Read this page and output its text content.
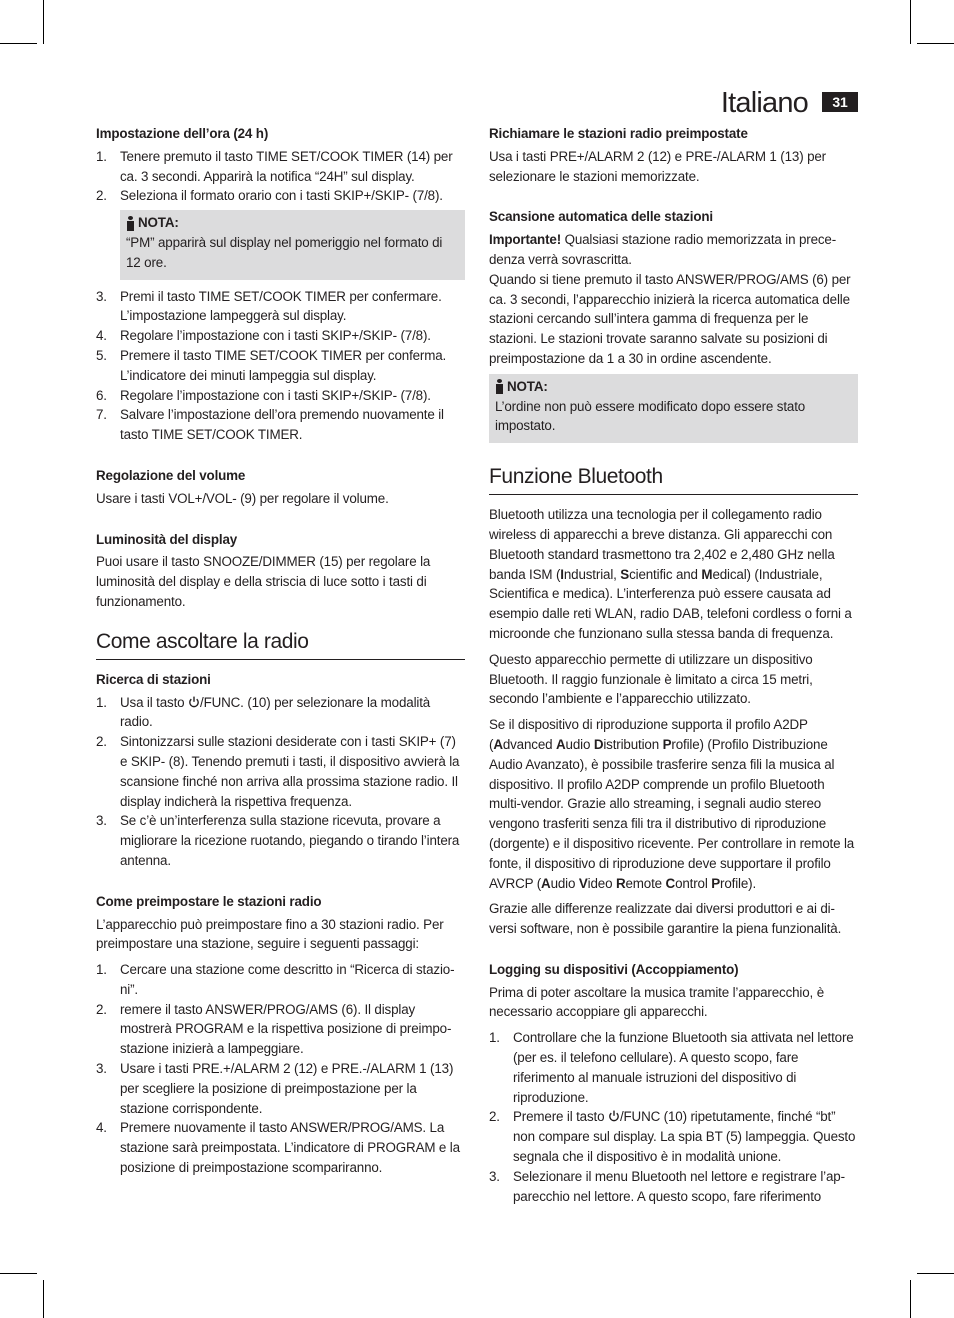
Italiano	31
Impostazione dell’ora (24 h)
1. Tenere premuto il tasto TIME SET/COOK TIMER (14) per ca. 3 secondi. Apparirà la notifica “24H” sul display.
2. Seleziona il formato orario con i tasti SKIP+/SKIP- (7/8).
NOTA:
“PM” apparirà sul display nel pomeriggio nel formato di 12 ore.
3. Premi il tasto TIME SET/COOK TIMER per confermare. L’impostazione lampeggerà sul display.
4. Regolare l’impostazione con i tasti SKIP+/SKIP- (7/8).
5. Premere il tasto TIME SET/COOK TIMER per conferma. L’indicatore dei minuti lampeggia sul display.
6. Regolare l’impostazione con i tasti SKIP+/SKIP- (7/8).
7. Salvare l’impostazione dell’ora premendo nuovamente il tasto TIME SET/COOK TIMER.
Regolazione del volume
Usare i tasti VOL+/VOL- (9) per regolare il volume.
Luminosità del display
Puoi usare il tasto SNOOZE/DIMMER (15) per regolare la luminosità del display e della striscia di luce sotto i tasti di funzionamento.
Come ascoltare la radio
Ricerca di stazioni
1. Usa il tasto /FUNC. (10) per selezionare la modalità radio.
2. Sintonizzarsi sulle stazioni desiderate con i tasti SKIP+ (7) e SKIP- (8). Tenendo premuti i tasti, il dispositivo avvierà la scansione finché non arriva alla prossima stazione radio. Il display indicherà la rispettiva frequenza.
3. Se c’è un’interferenza sulla stazione ricevuta, provare a migliorare la ricezione ruotando, piegando o tirando l’intera antenna.
Come preimpostare le stazioni radio
L’apparecchio può preimpostare fino a 30 stazioni radio. Per preimpostare una stazione, seguire i seguenti passaggi:
1. Cercare una stazione come descritto in “Ricerca di stazio-ni”.
2. remere il tasto ANSWER/PROG/AMS (6). Il display mostrerà PROGRAM e la rispettiva posizione di preimpo-stazione inizierà a lampeggiare.
3. Usare i tasti PRE.+/ALARM 2 (12) e PRE.-/ALARM 1 (13) per scegliere la posizione di preimpostazione per la stazione corrispondente.
4. Premere nuovamente il tasto ANSWER/PROG/AMS. La stazione sarà preimpostata. L’indicatore di PROGRAM e la posizione di preimpostazione scompariranno.
Richiamare le stazioni radio preimpostate
Usa i tasti PRE+/ALARM 2 (12) e PRE-/ALARM 1 (13) per selezionare le stazioni memorizzate.
Scansione automatica delle stazioni
Importante! Qualsiasi stazione radio memorizzata in prece-denza verrà sovrascritta.
Quando si tiene premuto il tasto ANSWER/PROG/AMS (6) per ca. 3 secondi, l’apparecchio inizierà la ricerca automatica delle stazioni cercando sull’intera gamma di frequenza per le stazioni. Le stazioni trovate saranno salvate su posizioni di preimpostazione da 1 a 30 in ordine ascendente.
NOTA:
L’ordine non può essere modificato dopo essere stato impostato.
Funzione Bluetooth
Bluetooth utilizza una tecnologia per il collegamento radio wireless di apparecchi a breve distanza. Gli apparecchi con Bluetooth standard trasmettono tra 2,402 e 2,480 GHz nella banda ISM (Industrial, Scientific and Medical) (Industriale, Scientifica e medica). L’interferenza può essere causata ad esempio dalle reti WLAN, radio DAB, telefoni cordless o forni a microonde che funzionano sulla stessa banda di frequenza.
Questo apparecchio permette di utilizzare un dispositivo Bluetooth. Il raggio funzionale è limitato a circa 15 metri, secondo l’ambiente e l’apparecchio utilizzato.
Se il dispositivo di riproduzione supporta il profilo A2DP (Advanced Audio Distribution Profile) (Profilo Distribuzione Audio Avanzato), è possibile trasferire senza fili la musica al dispositivo. Il profilo A2DP comprende un profilo Bluetooth multi-vendor. Grazie allo streaming, i segnali audio stereo vengono trasferiti senza fili tra il distributivo di riproduzione (dorgente) e il dispositivo ricevente. Per controllare in remote la fonte, il dispositivo di riproduzione deve supportare il profilo AVRCP (Audio Video Remote Control Profile).
Grazie alle differenze realizzate dai diversi produttori e ai di-versi software, non è possibile garantire la piena funzionalità.
Logging su dispositivi (Accoppiamento)
Prima di poter ascoltare la musica tramite l’apparecchio, è necessario accoppiare gli apparecchi.
1. Controllare che la funzione Bluetooth sia attivata nel lettore (per es. il telefono cellulare). A questo scopo, fare riferimento al manuale istruzioni del dispositivo di riproduzione.
2. Premere il tasto /FUNC (10) ripetutamente, finché “bt” non compare sul display. La spia BT (5) lampeggia. Questo segnala che il dispositivo è in modalità unione.
3. Selezionare il menu Bluetooth nel lettore e registrare l’ap-parecchio nel lettore. A questo scopo, fare riferimento
